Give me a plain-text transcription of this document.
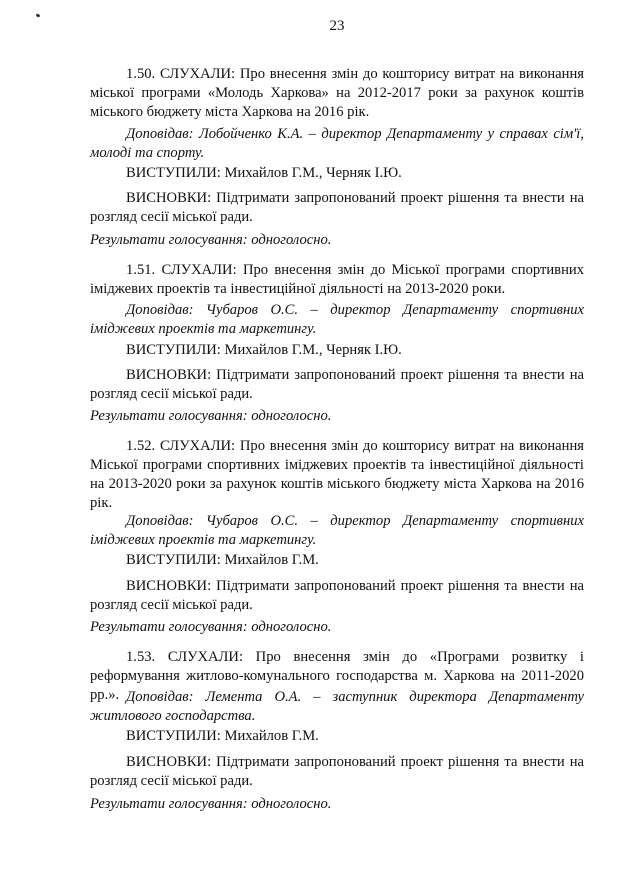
23

1.50. СЛУХАЛИ: Про внесення змін до кошторису витрат на виконання міської програми «Молодь Харкова» на 2012-2017 роки за рахунок коштів міського бюджету міста Харкова на 2016 рік.

Доповідав: Лобойченко К.А. – директор Департаменту у справах сім'ї, молоді та спорту.

ВИСТУПИЛИ: Михайлов Г.М., Черняк І.Ю.

ВИСНОВКИ: Підтримати запропонований проект рішення та внести на розгляд сесії міської ради.

Результати голосування: одноголосно.

1.51. СЛУХАЛИ: Про внесення змін до Міської програми спортивних іміджевих проектів та інвестиційної діяльності на 2013-2020 роки.

Доповідав: Чубаров О.С. – директор Департаменту спортивних іміджевих проектів та маркетингу.

ВИСТУПИЛИ: Михайлов Г.М., Черняк І.Ю.

ВИСНОВКИ: Підтримати запропонований проект рішення та внести на розгляд сесії міської ради.

Результати голосування: одноголосно.

1.52. СЛУХАЛИ: Про внесення змін до кошторису витрат на виконання Міської програми спортивних іміджевих проектів та інвестиційної діяльності на 2013-2020 роки за рахунок коштів міського бюджету міста Харкова на 2016 рік.

Доповідав: Чубаров О.С. – директор Департаменту спортивних іміджевих проектів та маркетингу.

ВИСТУПИЛИ: Михайлов Г.М.

ВИСНОВКИ: Підтримати запропонований проект рішення та внести на розгляд сесії міської ради.

Результати голосування: одноголосно.

1.53. СЛУХАЛИ: Про внесення змін до «Програми розвитку і реформування житлово-комунального господарства м. Харкова на 2011-2020 рр.». Доповідав: Лемента О.А. – заступник директора Департаменту житлового господарства.

ВИСТУПИЛИ: Михайлов Г.М.

ВИСНОВКИ: Підтримати запропонований проект рішення та внести на розгляд сесії міської ради.

Результати голосування: одноголосно.
